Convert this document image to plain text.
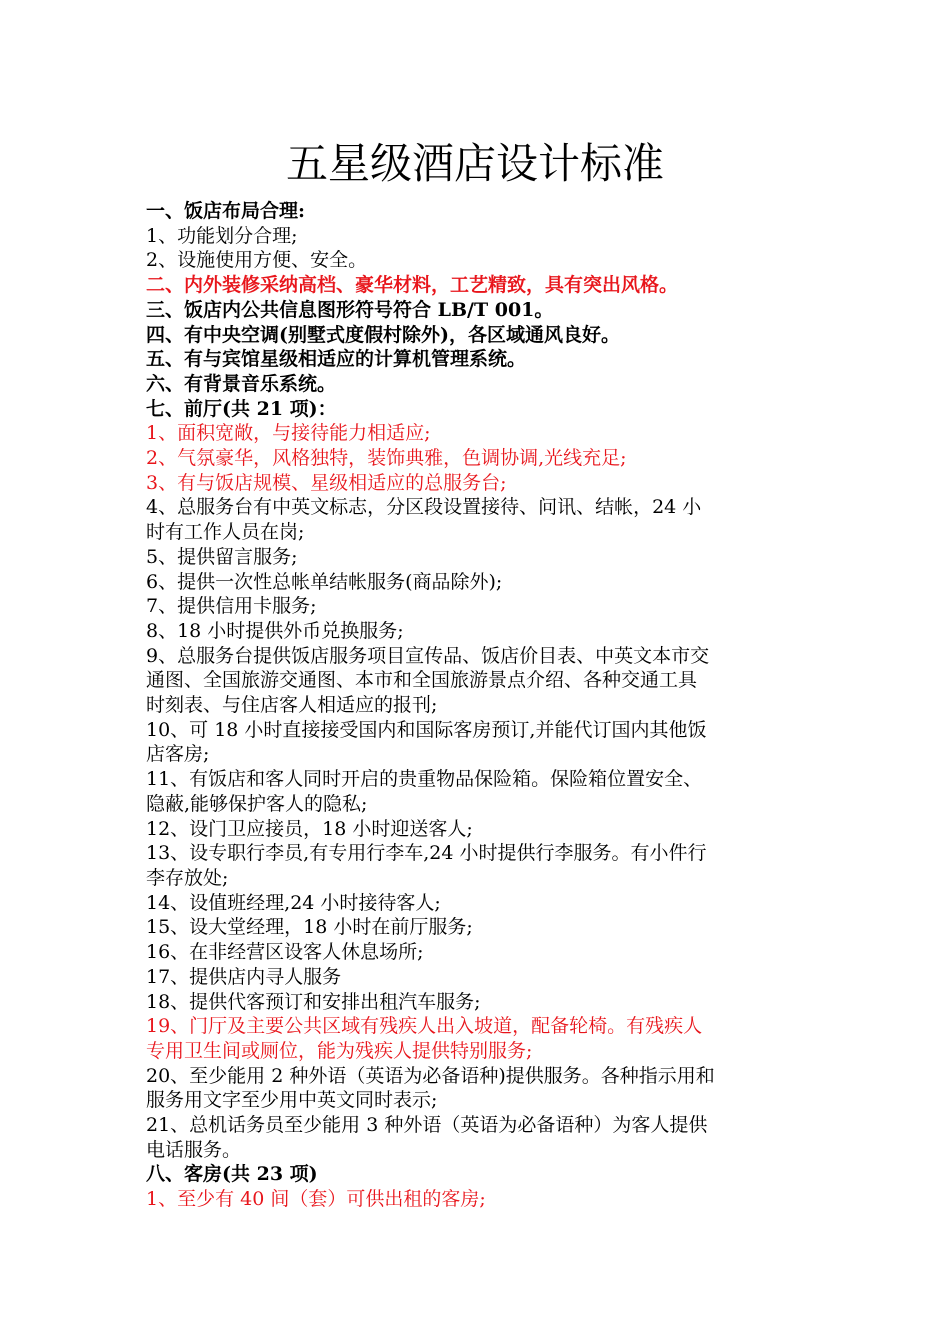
五星级酒店设计标准
一、饭店布局合理:
1、功能划分合理;
2、设施使用方便、安全。
二、内外装修采纳高档、豪华材料，工艺精致，具有突出风格。
三、饭店内公共信息图形符号符合 LB/T 001。
四、有中央空调(别墅式度假村除外)，各区域通风良好。
五、有与宾馆星级相适应的计算机管理系统。
六、有背景音乐系统。
七、前厅(共 21 项)：
1、面积宽敞，与接待能力相适应;
2、气氛豪华，风格独特，装饰典雅，色调协调,光线充足;
3、有与饭店规模、星级相适应的总服务台;
4、总服务台有中英文标志，分区段设置接待、问讯、结帐，24 小
时有工作人员在岗;
5、提供留言服务;
6、提供一次性总帐单结帐服务(商品除外);
7、提供信用卡服务;
8、18 小时提供外币兑换服务;
9、总服务台提供饭店服务项目宣传品、饭店价目表、中英文本市交
通图、全国旅游交通图、本市和全国旅游景点介绍、各种交通工具
时刻表、与住店客人相适应的报刊;
10、可 18 小时直接接受国内和国际客房预订,并能代订国内其他饭
店客房;
11、有饭店和客人同时开启的贵重物品保险箱。保险箱位置安全、
隐蔽,能够保护客人的隐私;
12、设门卫应接员，18 小时迎送客人;
13、设专职行李员,有专用行李车,24 小时提供行李服务。有小件行
李存放处;
14、设值班经理,24 小时接待客人;
15、设大堂经理，18 小时在前厅服务;
16、在非经营区设客人休息场所;
17、提供店内寻人服务
18、提供代客预订和安排出租汽车服务;
19、门厅及主要公共区域有残疾人出入坡道，配备轮椅。有残疾人
专用卫生间或厕位，能为残疾人提供特别服务;
20、至少能用 2 种外语（英语为必备语种)提供服务。各种指示用和
服务用文字至少用中英文同时表示;
21、总机话务员至少能用 3 种外语（英语为必备语种）为客人提供
电话服务。
八、客房(共 23 项)
1、至少有 40 间（套）可供出租的客房;
